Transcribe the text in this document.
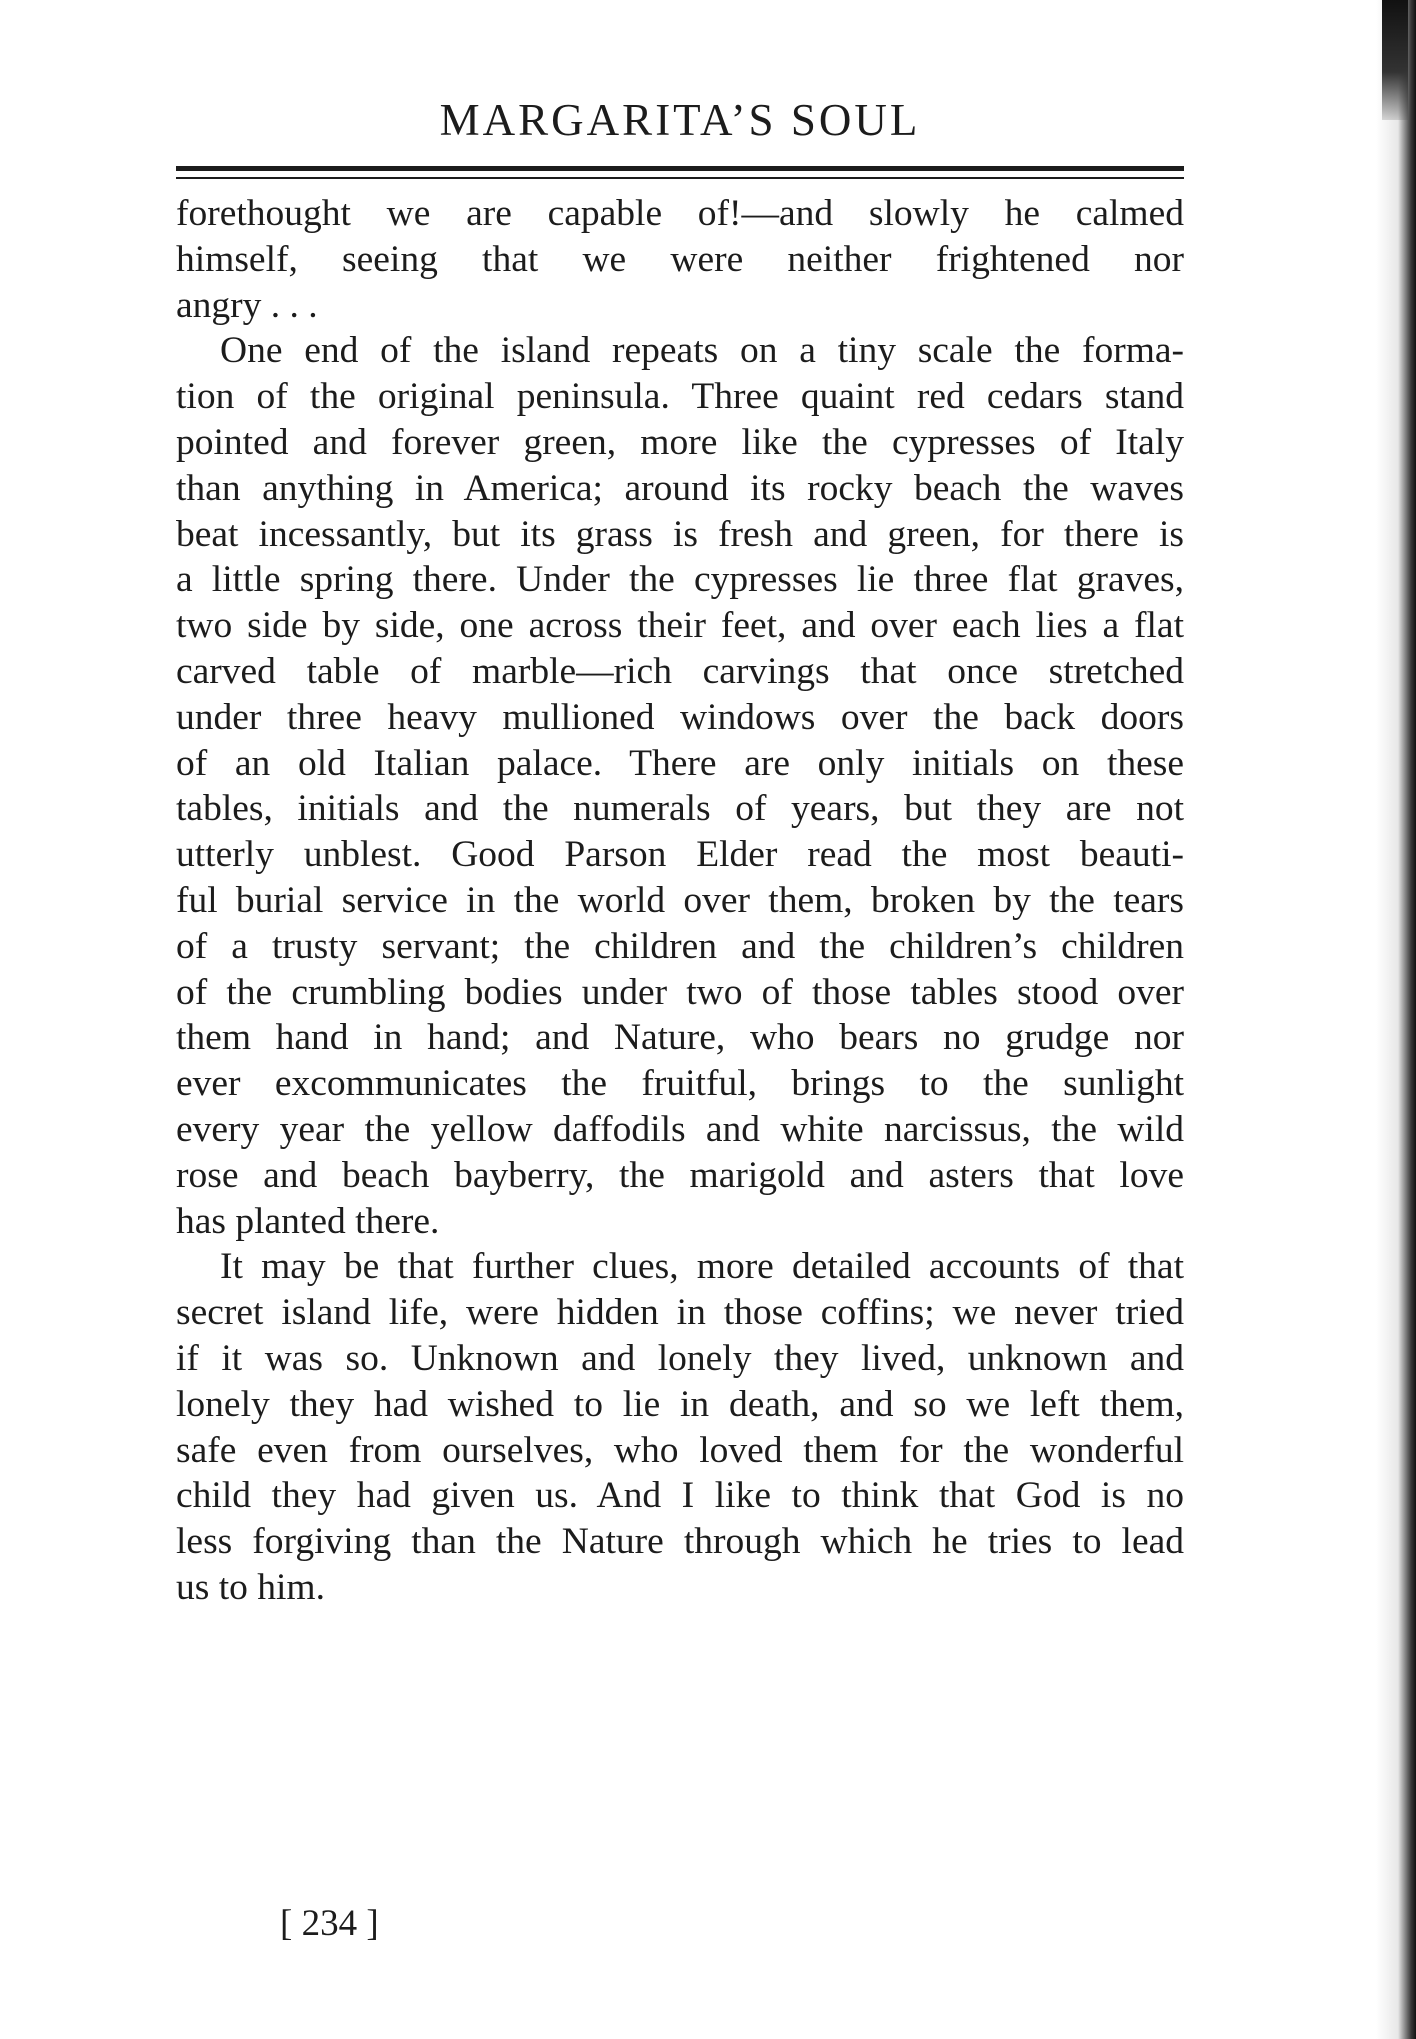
MARGARITA’S SOUL
forethought we are capable of!—and slowly he calmed
himself, seeing that we were neither frightened nor
angry . . .
One end of the island repeats on a tiny scale the forma-
tion of the original peninsula. Three quaint red cedars stand
pointed and forever green, more like the cypresses of Italy
than anything in America; around its rocky beach the waves
beat incessantly, but its grass is fresh and green, for there is
a little spring there. Under the cypresses lie three flat graves,
two side by side, one across their feet, and over each lies a flat
carved table of marble—rich carvings that once stretched
under three heavy mullioned windows over the back doors
of an old Italian palace. There are only initials on these
tables, initials and the numerals of years, but they are not
utterly unblest. Good Parson Elder read the most beauti-
ful burial service in the world over them, broken by the tears
of a trusty servant; the children and the children’s children
of the crumbling bodies under two of those tables stood over
them hand in hand; and Nature, who bears no grudge nor
ever excommunicates the fruitful, brings to the sunlight
every year the yellow daffodils and white narcissus, the wild
rose and beach bayberry, the marigold and asters that love
has planted there.
It may be that further clues, more detailed accounts of that
secret island life, were hidden in those coffins; we never tried
if it was so. Unknown and lonely they lived, unknown and
lonely they had wished to lie in death, and so we left them,
safe even from ourselves, who loved them for the wonderful
child they had given us. And I like to think that God is no
less forgiving than the Nature through which he tries to lead
us to him.
[ 234 ]
